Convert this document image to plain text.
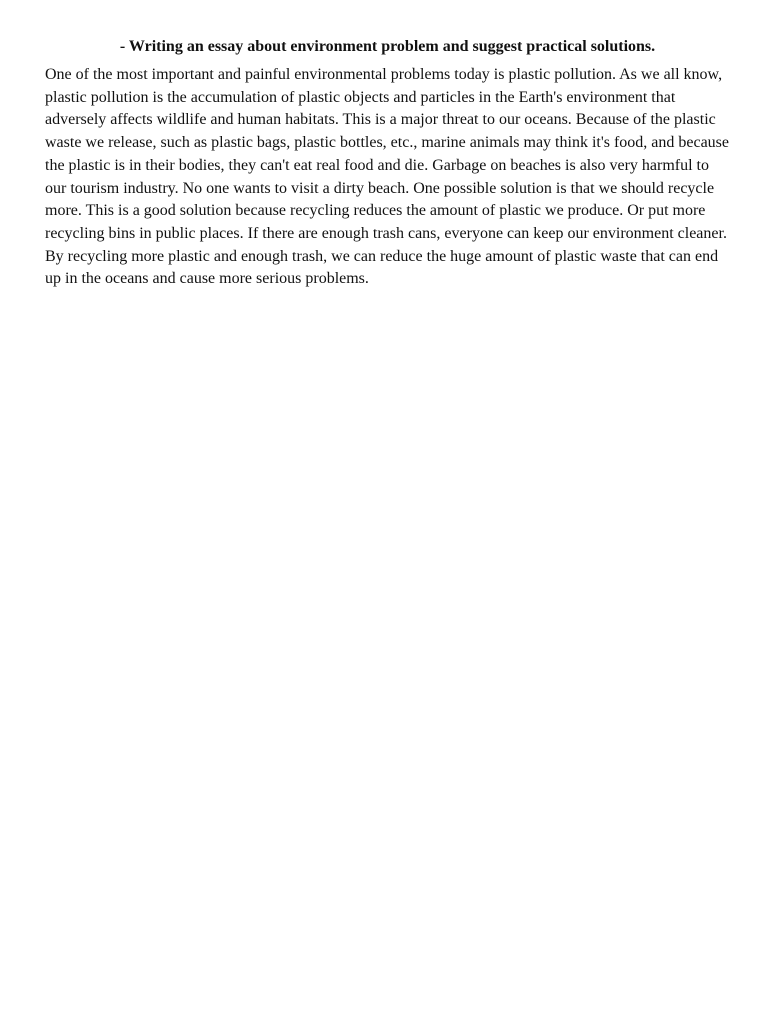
- Writing an essay about environment problem and suggest practical solutions.

One of the most important and painful environmental problems today is plastic pollution. As we all know, plastic pollution is the accumulation of plastic objects and particles in the Earth's environment that adversely affects wildlife and human habitats. This is a major threat to our oceans. Because of the plastic waste we release, such as plastic bags, plastic bottles, etc., marine animals may think it's food, and because the plastic is in their bodies, they can't eat real food and die. Garbage on beaches is also very harmful to our tourism industry. No one wants to visit a dirty beach. One possible solution is that we should recycle more. This is a good solution because recycling reduces the amount of plastic we produce. Or put more recycling bins in public places. If there are enough trash cans, everyone can keep our environment cleaner. By recycling more plastic and enough trash, we can reduce the huge amount of plastic waste that can end up in the oceans and cause more serious problems.
